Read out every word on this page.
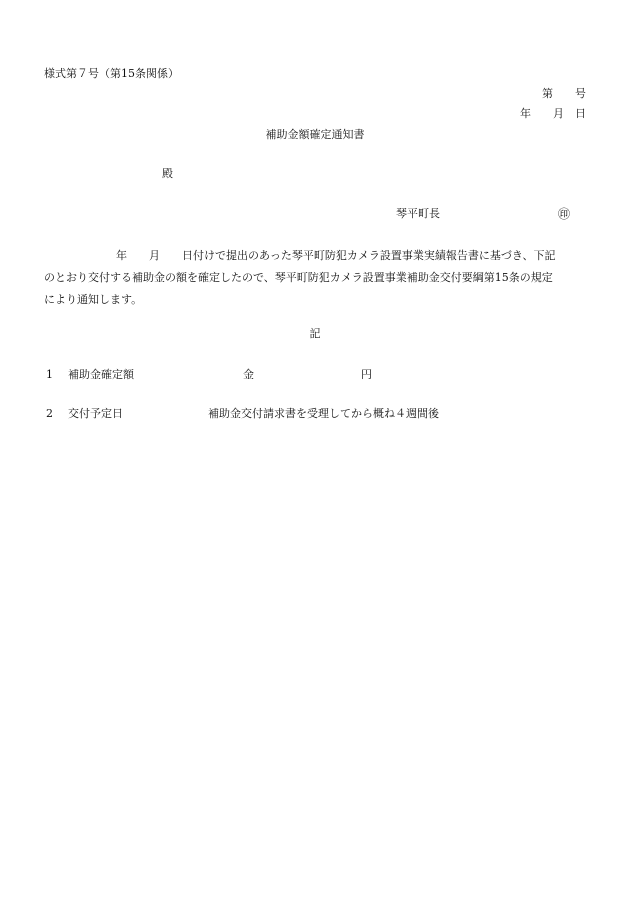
様式第７号（第15条関係）
第 号
年 月 日
補助金額確定通知書
殿
琴平町長	㊞
年 月 日付けで提出のあった琴平町防犯カメラ設置事業実績報告書に基づき、下記
のとおり交付する補助金の額を確定したので、琴平町防犯カメラ設置事業補助金交付要綱第15条の規定
により通知します。
記
1 補助金確定額	金	円
2 交付予定日	補助金交付請求書を受理してから概ね４週間後
